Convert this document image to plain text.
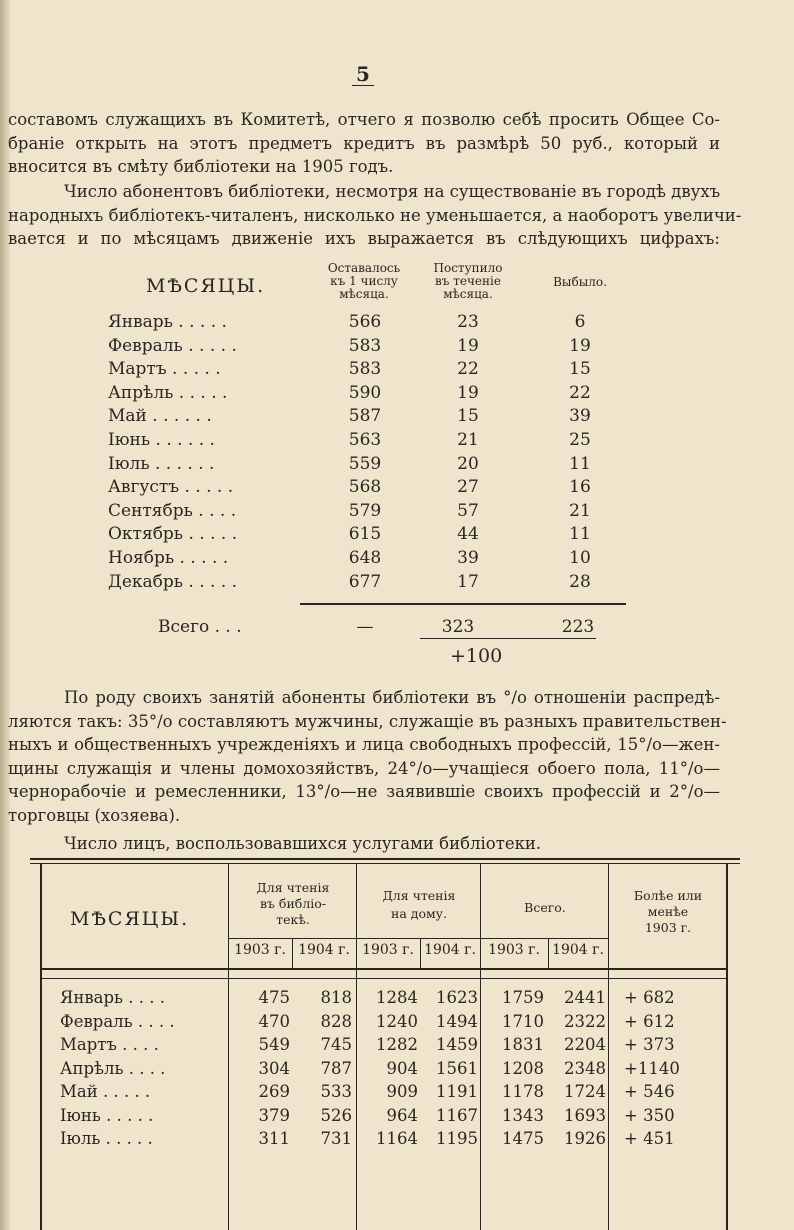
5
составомъ служащихъ въ Комитетѣ, отчего я позволю себѣ просить Общее Со-
браніе открыть на этотъ предметъ кредитъ въ размѣрѣ 50 руб., который и
вносится въ смѣту библіотеки на 1905 годъ.
Число абонентовъ библіотеки, несмотря на существованіе въ городѣ двухъ
народныхъ библіотекъ-читаленъ, нисколько не уменьшается, а наоборотъ увеличи-
вается и по мѣсяцамъ движеніе ихъ выражается въ слѣдующихъ цифрахъ:
МѢСЯЦЫ.
Оставалось
къ 1 числу
мѣсяца.
Поступило
въ теченіе
мѣсяца.
Выбыло.
Январь . . . . .	566	23	6
Февраль . . . . .	583	19	19
Мартъ . . . . .	583	22	15
Апрѣль . . . . .	590	19	22
Май . . . . . .	587	15	39
Іюнь . . . . . .	563	21	25
Іюль . . . . . .	559	20	11
Августъ . . . . .	568	27	16
Сентябрь . . . .	579	57	21
Октябрь . . . . .	615	44	11
Ноябрь . . . . .	648	39	10
Декабрь . . . . .	677	17	28
Всего . . .	—	323	223
+100
По роду своихъ занятій абоненты библіотеки въ °/o отношеніи распредѣ-
ляются такъ: 35°/o составляютъ мужчины, служащіе въ разныхъ правительствен-
ныхъ и общественныхъ учрежденіяхъ и лица свободныхъ профессій, 15°/o—жен-
щины служащія и члены домохозяйствъ, 24°/o—учащіеся обоего пола, 11°/o—
чернорабочіе и ремесленники, 13°/o—не заявившіе своихъ профессій и 2°/o—
торговцы (хозяева).
Число лицъ, воспользовавшихся услугами библіотеки.
МѢСЯЦЫ.
Для чтенія
въ библіо-
текѣ.
Для чтенія
на дому.	Всего.
Болѣе или
менѣе
1903 г.
1903 г. 1904 г. 1903 г. 1904 г. 1903 г. 1904 г.
Январь . . . .	475 818 1284 1623 1759 2441 + 682
Февраль . . . .	470 828 1240 1494 1710 2322 + 612
Мартъ . . . .	549 745 1282 1459 1831 2204 + 373
Апрѣль . . . .	304 787 904 1561 1208 2348 +1140
Май . . . . .	269 533 909 1191 1178 1724 + 546
Іюнь . . . . .	379 526 964 1167 1343 1693 + 350
Іюль . . . . .	311 731 1164 1195 1475 1926 + 451
